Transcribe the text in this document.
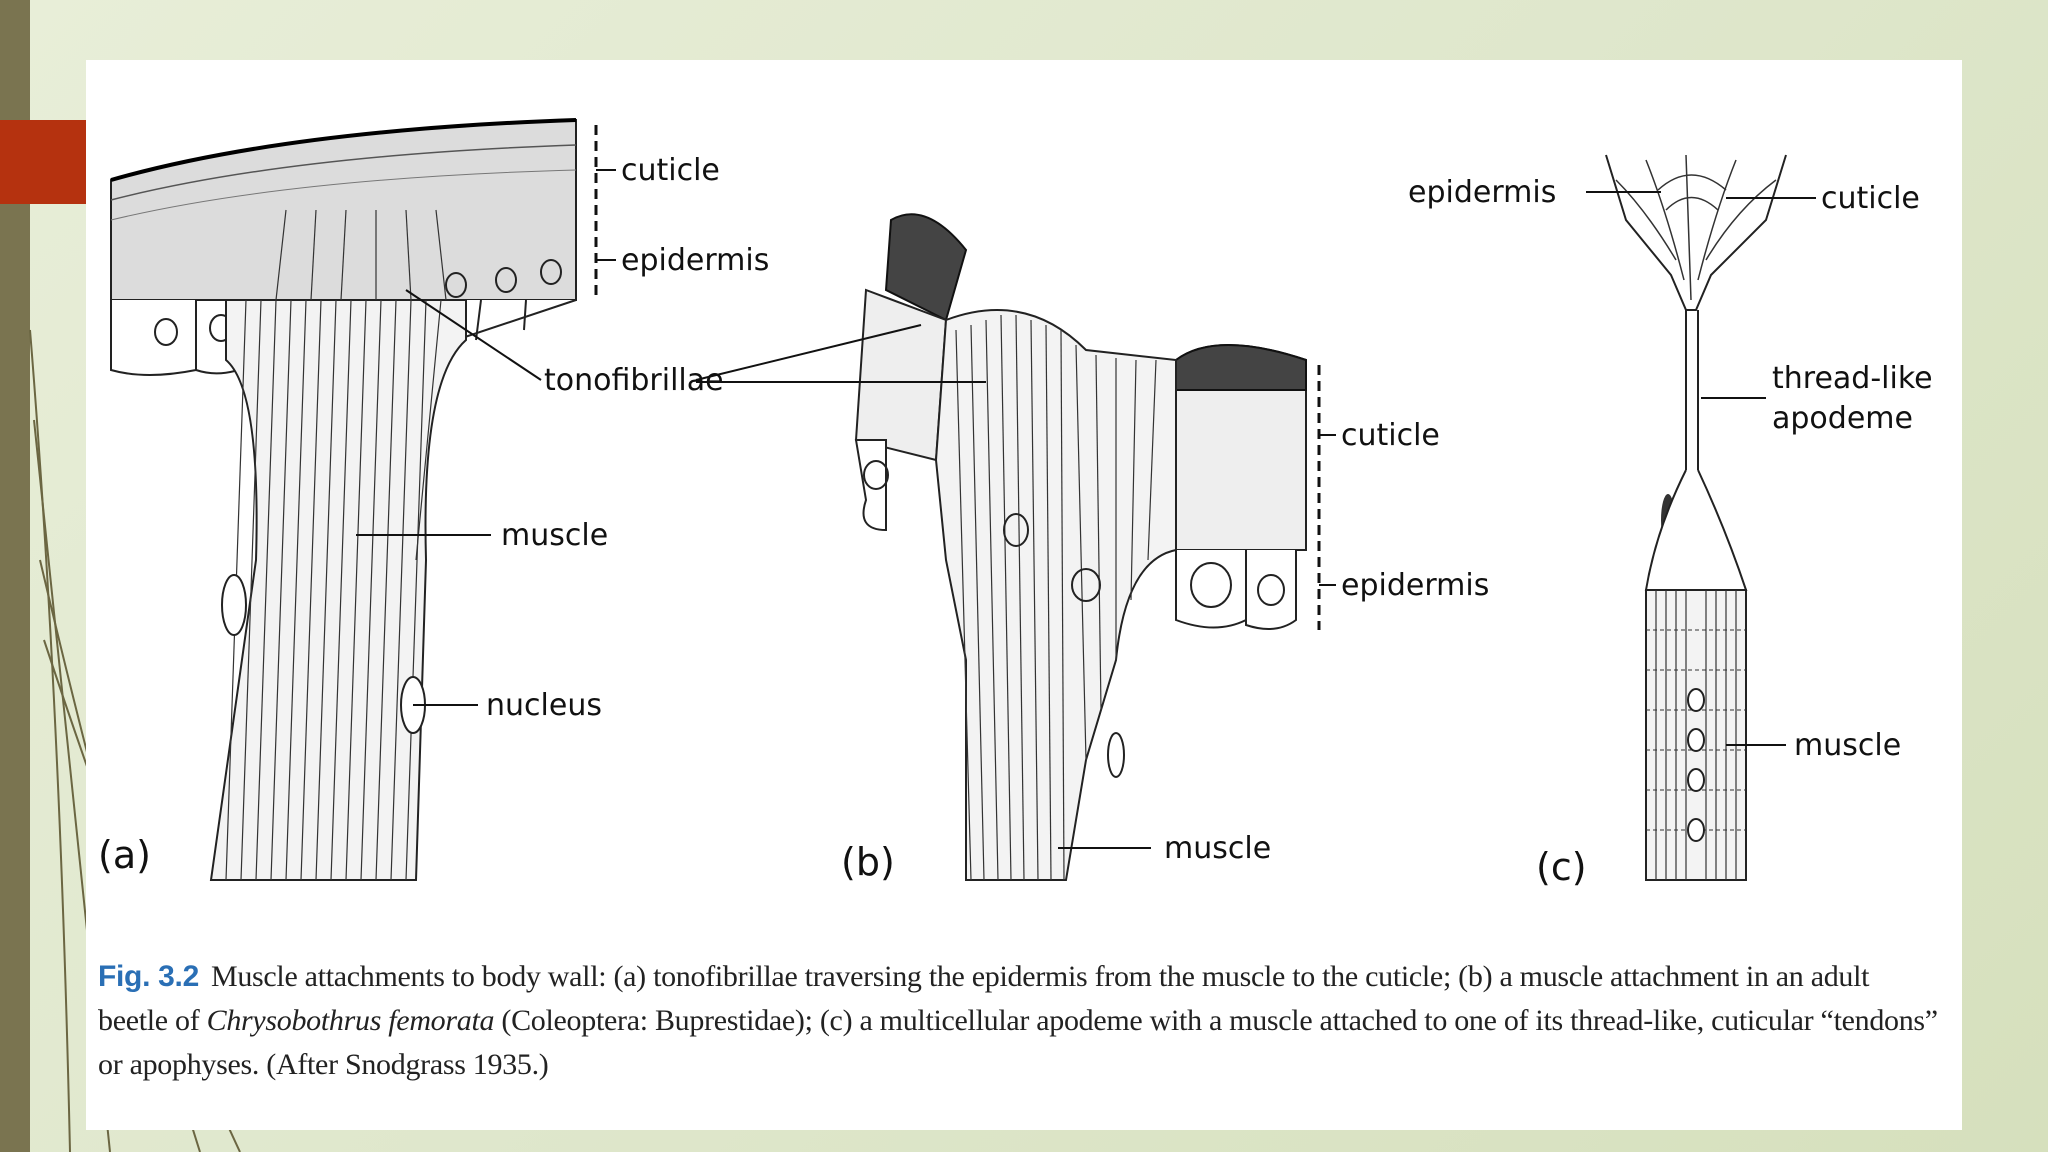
cuticle
epidermis
tonofibrillae
muscle
nucleus
(a)
cuticle
epidermis
muscle
(b)
epidermis	cuticle
thread-like
apodeme
muscle
(c)
Fig. 3.2 Muscle attachments to body wall: (a) tonofibrillae traversing the epidermis from the muscle to the cuticle; (b) a muscle attachment in an adult beetle of Chrysobothrus femorata (Coleoptera: Buprestidae); (c) a multicellular apodeme with a muscle attached to one of its thread-like, cuticular “tendons” or apophyses. (After Snodgrass 1935.)
